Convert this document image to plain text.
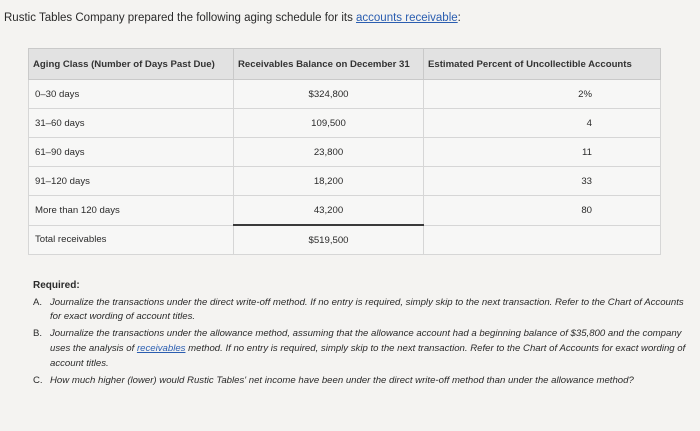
Rustic Tables Company prepared the following aging schedule for its accounts receivable:
Aging Class (Number of Days Past Due)	Receivables Balance on December 31	Estimated Percent of Uncollectible Accounts
0–30 days	$324,800	2%
31–60 days	109,500	4
61–90 days	23,800	11
91–120 days	18,200	33
More than 120 days	43,200	80
Total receivables	$519,500	
Required:
A. Journalize the transactions under the direct write-off method. If no entry is required, simply skip to the next transaction. Refer to the Chart of Accounts for exact wording of account titles.
B. Journalize the transactions under the allowance method, assuming that the allowance account had a beginning balance of $35,800 and the company uses the analysis of receivables method. If no entry is required, simply skip to the next transaction. Refer to the Chart of Accounts for exact wording of account titles.
C. How much higher (lower) would Rustic Tables' net income have been under the direct write-off method than under the allowance method?
